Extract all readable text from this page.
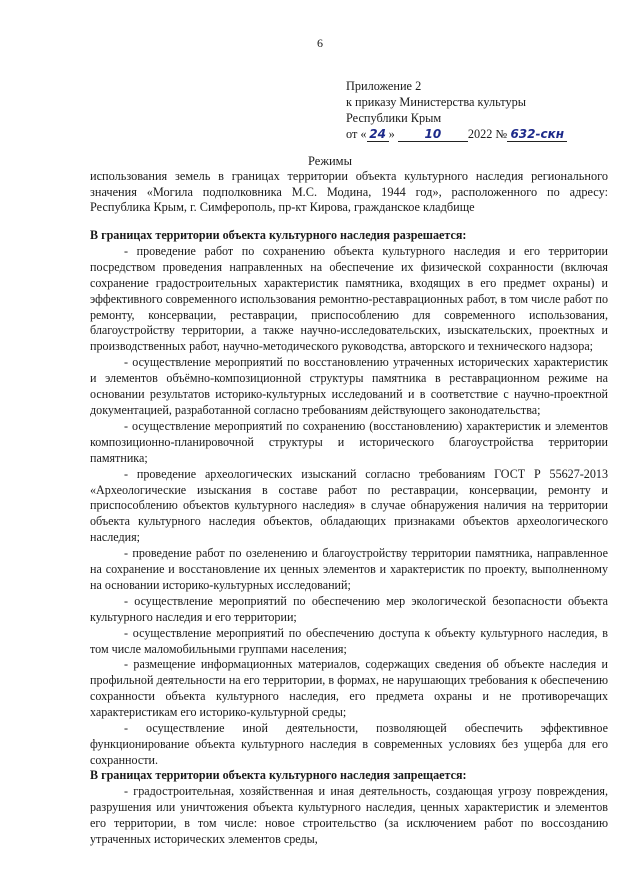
6
Приложение 2
к приказу Министерства культуры
Республики Крым
от « 24 » 10 2022 № 632-скн
Режимы
использования земель в границах территории объекта культурного наследия регионального значения «Могила подполковника М.С. Модина, 1944 год», расположенного по адресу: Республика Крым, г. Симферополь, пр-кт Кирова, гражданское кладбище
В границах территории объекта культурного наследия разрешается:

- проведение работ по сохранению объекта культурного наследия и его территории посредством проведения направленных на обеспечение их физической сохранности (включая сохранение градостроительных характеристик памятника, входящих в его предмет охраны) и эффективного современного использования ремонтно-реставрационных работ, в том числе работ по ремонту, консервации, реставрации, приспособлению для современного использования, благоустройству территории, а также научно-исследовательских, изыскательских, проектных и производственных работ, научно-методического руководства, авторского и технического надзора;

- осуществление мероприятий по восстановлению утраченных исторических характеристик и элементов объёмно-композиционной структуры памятника в реставрационном режиме на основании результатов историко-культурных исследований и в соответствие с научно-проектной документацией, разработанной согласно требованиям действующего законодательства;

- осуществление мероприятий по сохранению (восстановлению) характеристик и элементов композиционно-планировочной структуры и исторического благоустройства территории памятника;

- проведение археологических изысканий согласно требованиям ГОСТ Р 55627-2013 «Археологические изыскания в составе работ по реставрации, консервации, ремонту и приспособлению объектов культурного наследия» в случае обнаружения наличия на территории объекта культурного наследия объектов, обладающих признаками объектов археологического наследия;

- проведение работ по озеленению и благоустройству территории памятника, направленное на сохранение и восстановление их ценных элементов и характеристик по проекту, выполненному на основании историко-культурных исследований;

- осуществление мероприятий по обеспечению мер экологической безопасности объекта культурного наследия и его территории;

- осуществление мероприятий по обеспечению доступа к объекту культурного наследия, в том числе маломобильными группами населения;

- размещение информационных материалов, содержащих сведения об объекте наследия и профильной деятельности на его территории, в формах, не нарушающих требования к обеспечению сохранности объекта культурного наследия, его предмета охраны и не противоречащих характеристикам его историко-культурной среды;

- осуществление иной деятельности, позволяющей обеспечить эффективное функционирование объекта культурного наследия в современных условиях без ущерба для его сохранности.

В границах территории объекта культурного наследия запрещается:

- градостроительная, хозяйственная и иная деятельность, создающая угрозу повреждения, разрушения или уничтожения объекта культурного наследия, ценных характеристик и элементов его территории, в том числе: новое строительство (за исключением работ по воссозданию утраченных исторических элементов среды,
